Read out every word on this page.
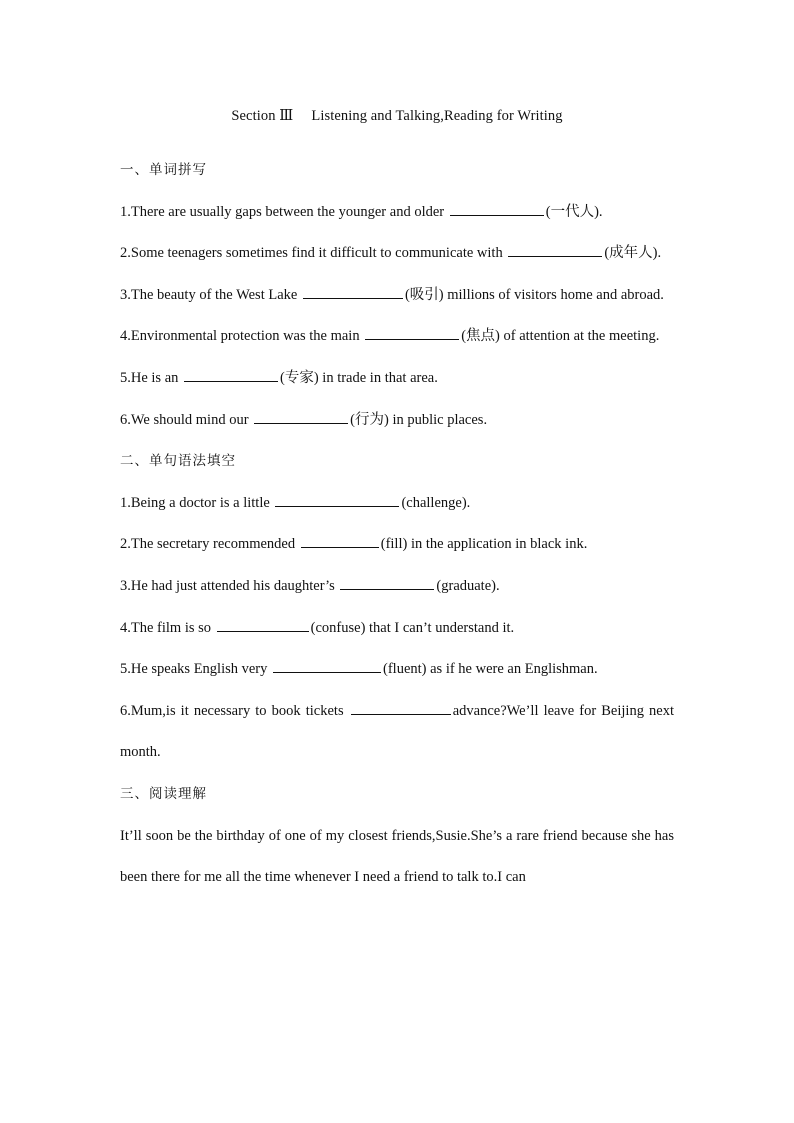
Section Ⅲ Listening and Talking,Reading for Writing
一、单词拼写
1.There are usually gaps between the younger and older	(一代人).
2.Some teenagers sometimes find it difficult to communicate with	(成年人).
3.The beauty of the West Lake	(吸引) millions of visitors home and abroad.
4.Environmental protection was the main	(焦点) of attention at the meeting.
5.He is an	(专家) in trade in that area.
6.We should mind our	(行为) in public places.
二、单句语法填空
1.Being a doctor is a little	(challenge).
2.The secretary recommended	(fill) in the application in black ink.
3.He had just attended his daughter’s	(graduate).
4.The film is so	(confuse) that I can’t understand it.
5.He speaks English very	(fluent) as if he were an Englishman.
6.Mum,is it necessary to book tickets	advance?We’ll leave for Beijing next month.
三、阅读理解
It’ll soon be the birthday of one of my closest friends,Susie.She’s a rare friend because she has been there for me all the time whenever I need a friend to talk to.I can
